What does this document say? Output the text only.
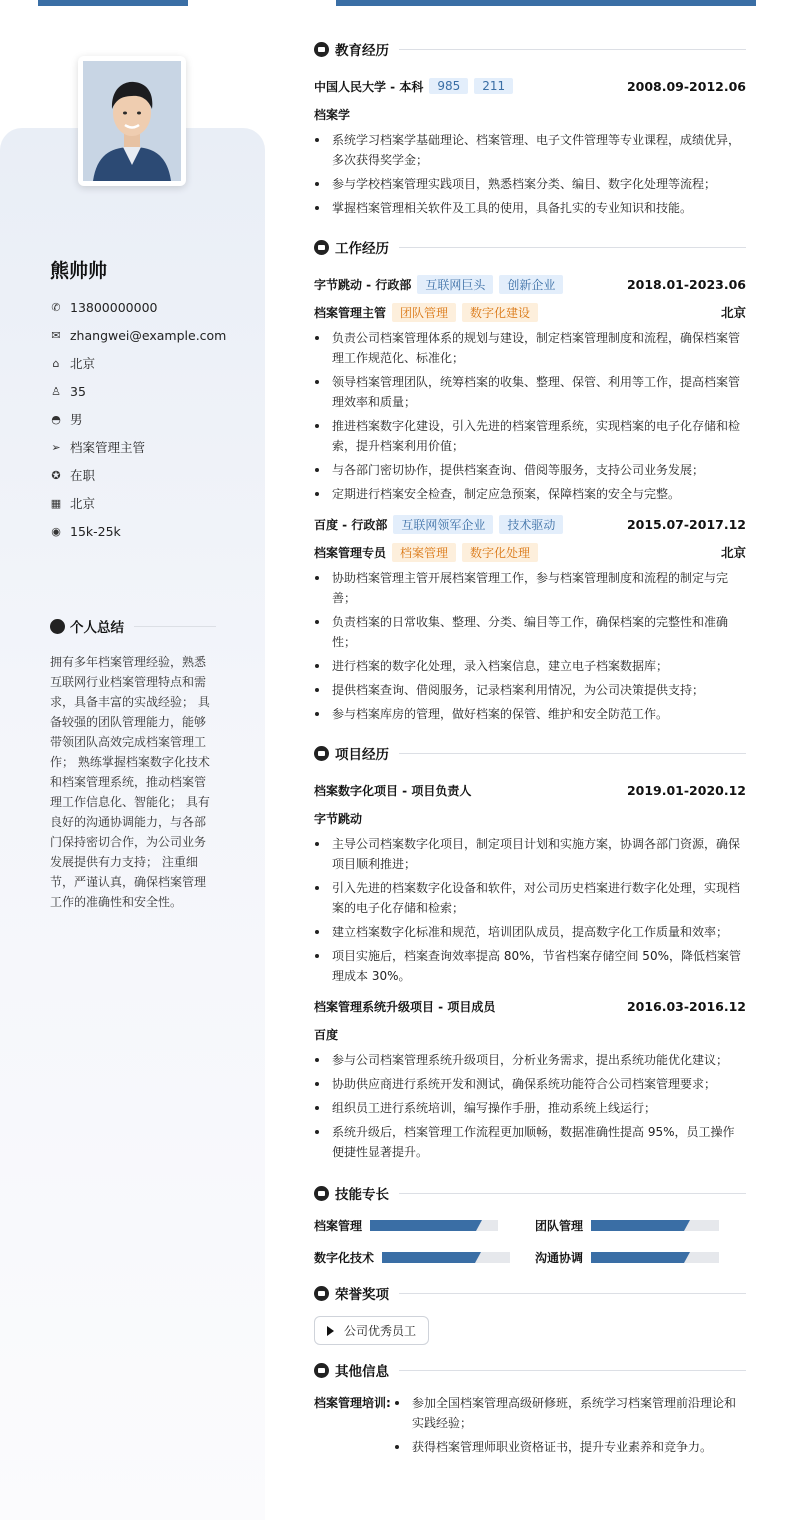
熊帅帅
✆ 13800000000
✉ zhangwei@example.com
⌂ 北京
♙ 35
◓ 男
➢ 档案管理主管
✪ 在职
▦ 北京
◉ 15k-25k
个人总结
拥有多年档案管理经验，熟悉互联网行业档案管理特点和需求，具备丰富的实战经验； 具备较强的团队管理能力，能够带领团队高效完成档案管理工作； 熟练掌握档案数字化技术和档案管理系统，推动档案管理工作信息化、智能化； 具有良好的沟通协调能力，与各部门保持密切合作，为公司业务发展提供有力支持； 注重细节，严谨认真，确保档案管理工作的准确性和安全性。
教育经历
中国人民大学 - 本科	985	211	2008.09-2012.06
档案学
系统学习档案学基础理论、档案管理、电子文件管理等专业课程，成绩优异，多次获得奖学金；
参与学校档案管理实践项目，熟悉档案分类、编目、数字化处理等流程；
掌握档案管理相关软件及工具的使用，具备扎实的专业知识和技能。
工作经历
字节跳动 - 行政部	互联网巨头	创新企业	2018.01-2023.06
档案管理主管	团队管理	数字化建设	北京
负责公司档案管理体系的规划与建设，制定档案管理制度和流程，确保档案管理工作规范化、标准化；
领导档案管理团队，统筹档案的收集、整理、保管、利用等工作，提高档案管理效率和质量；
推进档案数字化建设，引入先进的档案管理系统，实现档案的电子化存储和检索，提升档案利用价值；
与各部门密切协作，提供档案查询、借阅等服务，支持公司业务发展；
定期进行档案安全检查，制定应急预案，保障档案的安全与完整。
百度 - 行政部	互联网领军企业	技术驱动	2015.07-2017.12
档案管理专员	档案管理	数字化处理	北京
协助档案管理主管开展档案管理工作，参与档案管理制度和流程的制定与完善；
负责档案的日常收集、整理、分类、编目等工作，确保档案的完整性和准确性；
进行档案的数字化处理，录入档案信息，建立电子档案数据库；
提供档案查询、借阅服务，记录档案利用情况，为公司决策提供支持；
参与档案库房的管理，做好档案的保管、维护和安全防范工作。
项目经历
档案数字化项目 - 项目负责人	2019.01-2020.12
字节跳动
主导公司档案数字化项目，制定项目计划和实施方案，协调各部门资源，确保项目顺利推进；
引入先进的档案数字化设备和软件，对公司历史档案进行数字化处理，实现档案的电子化存储和检索；
建立档案数字化标准和规范，培训团队成员，提高数字化工作质量和效率；
项目实施后，档案查询效率提高 80%，节省档案存储空间 50%，降低档案管理成本 30%。
档案管理系统升级项目 - 项目成员	2016.03-2016.12
百度
参与公司档案管理系统升级项目，分析业务需求，提出系统功能优化建议；
协助供应商进行系统开发和测试，确保系统功能符合公司档案管理要求；
组织员工进行系统培训，编写操作手册，推动系统上线运行；
系统升级后，档案管理工作流程更加顺畅，数据准确性提高 95%，员工操作便捷性显著提升。
技能专长
档案管理	团队管理
数字化技术	沟通协调
荣誉奖项
公司优秀员工
其他信息
档案管理培训:	参加全国档案管理高级研修班，系统学习档案管理前沿理论和实践经验；
获得档案管理师职业资格证书，提升专业素养和竞争力。
